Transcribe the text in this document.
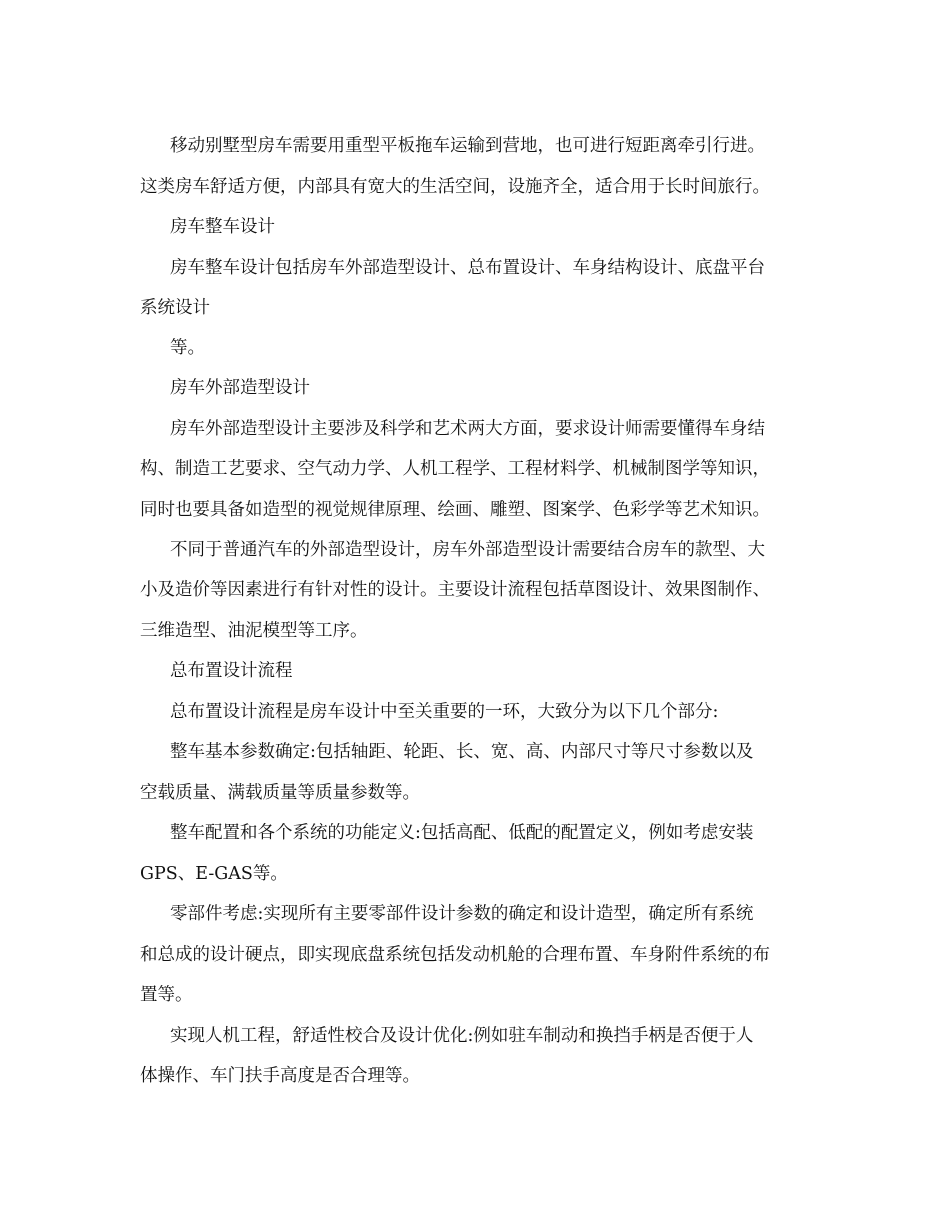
移动别墅型房车需要用重型平板拖车运输到营地，也可进行短距离牵引行进。

这类房车舒适方便，内部具有宽大的生活空间，设施齐全，适合用于长时间旅行。

房车整车设计

房车整车设计包括房车外部造型设计、总布置设计、车身结构设计、底盘平台

系统设计

等。

房车外部造型设计

房车外部造型设计主要涉及科学和艺术两大方面，要求设计师需要懂得车身结

构、制造工艺要求、空气动力学、人机工程学、工程材料学、机械制图学等知识，

同时也要具备如造型的视觉规律原理、绘画、雕塑、图案学、色彩学等艺术知识。

不同于普通汽车的外部造型设计，房车外部造型设计需要结合房车的款型、大

小及造价等因素进行有针对性的设计。主要设计流程包括草图设计、效果图制作、

三维造型、油泥模型等工序。

总布置设计流程

总布置设计流程是房车设计中至关重要的一环，大致分为以下几个部分:

整车基本参数确定:包括轴距、轮距、长、宽、高、内部尺寸等尺寸参数以及

空载质量、满载质量等质量参数等。

整车配置和各个系统的功能定义:包括高配、低配的配置定义，例如考虑安装

GPS、E-GAS等。

零部件考虑:实现所有主要零部件设计参数的确定和设计造型，确定所有系统

和总成的设计硬点，即实现底盘系统包括发动机舱的合理布置、车身附件系统的布

置等。

实现人机工程，舒适性校合及设计优化:例如驻车制动和换挡手柄是否便于人

体操作、车门扶手高度是否合理等。
